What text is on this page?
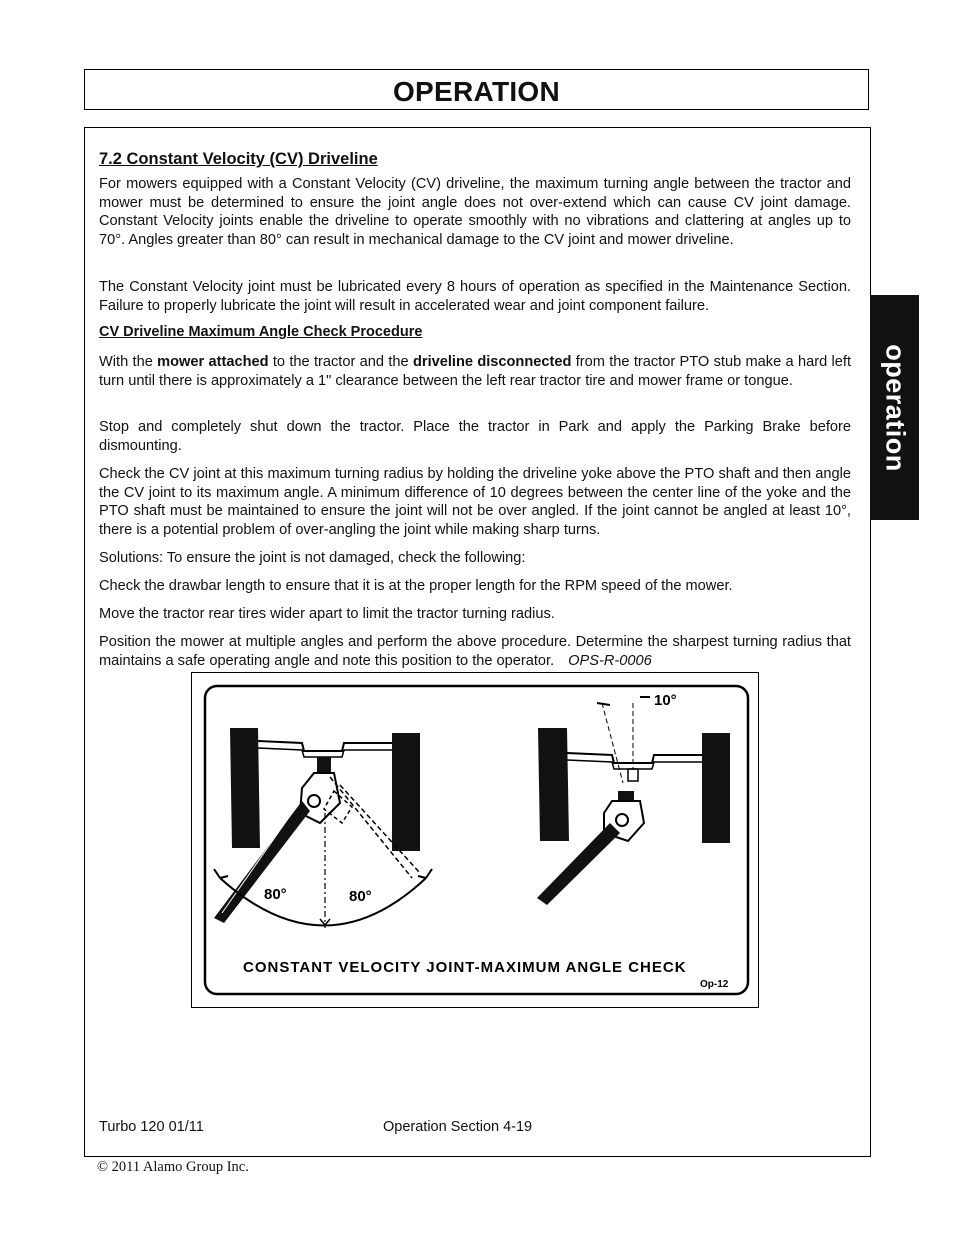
OPERATION
operation
7.2 Constant Velocity (CV) Driveline

For mowers equipped with a Constant Velocity (CV) driveline, the maximum turning angle between the tractor and mower must be determined to ensure the joint angle does not over-extend which can cause CV joint damage. Constant Velocity joints enable the driveline to operate smoothly with no vibrations and clattering at angles up to 70°. Angles greater than 80° can result in mechanical damage to the CV joint and mower driveline.

The Constant Velocity joint must be lubricated every 8 hours of operation as specified in the Maintenance Section. Failure to properly lubricate the joint will result in accelerated wear and joint component failure.

CV Driveline Maximum Angle Check Procedure

With the mower attached to the tractor and the driveline disconnected from the tractor PTO stub make a hard left turn until there is approximately a 1" clearance between the left rear tractor tire and mower frame or tongue.

Stop and completely shut down the tractor. Place the tractor in Park and apply the Parking Brake before dismounting.

Check the CV joint at this maximum turning radius by holding the driveline yoke above the PTO shaft and then angle the CV joint to its maximum angle. A minimum difference of 10 degrees between the center line of the yoke and the PTO shaft must be maintained to ensure the joint will not be over angled. If the joint cannot be angled at least 10°, there is a potential problem of over-angling the joint while making sharp turns.

Solutions: To ensure the joint is not damaged, check the following:

Check the drawbar length to ensure that it is at the proper length for the RPM speed of the mower.

Move the tractor rear tires wider apart to limit the tractor turning radius.

Position the mower at multiple angles and perform the above procedure. Determine the sharpest turning radius that maintains a safe operating angle and note this position to the operator. OPS-R-0006

80°	80°
10°
CONSTANT VELOCITY JOINT-MAXIMUM ANGLE CHECK
Op-12
Turbo 120 01/11	Operation Section 4-19
© 2011 Alamo Group Inc.
